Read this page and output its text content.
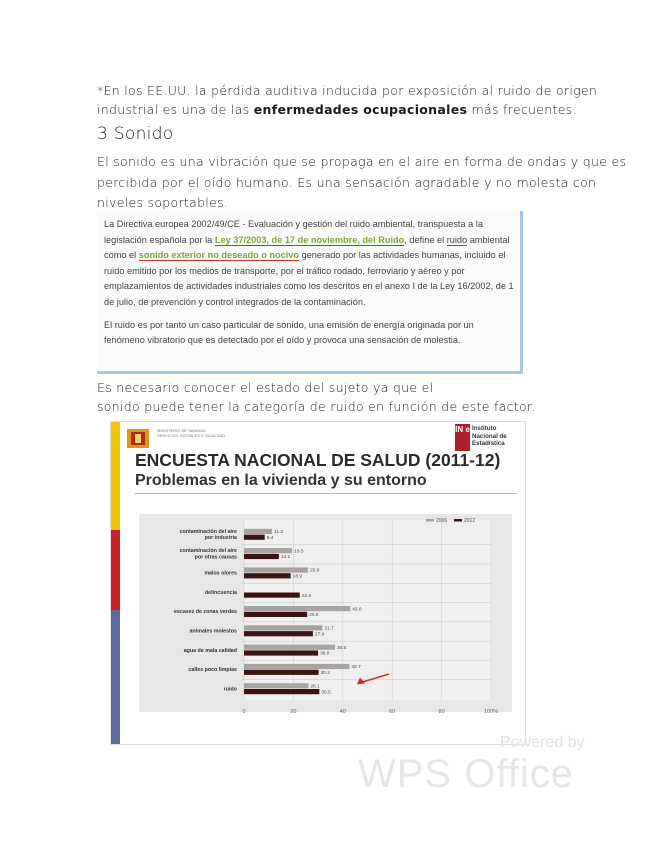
*En los EE.UU. la pérdida auditiva inducida por exposición al ruido de origen
industrial es una de las enfermedades ocupacionales más frecuentes.
3 Sonido
El sonido es una vibración que se propaga en el aire en forma de ondas y que es
percibida por el oído humano. Es una sensación agradable y no molesta con
niveles soportables.

La Directiva europea 2002/49/CE - Evaluación y gestión del ruido ambiental, transpuesta a la legislación española por la Ley 37/2003, de 17 de noviembre, del Ruido, define el ruido ambiental como el sonido exterior no deseado o nocivo generado por las actividades humanas, incluido el ruido emitido por los medios de transporte, por el tráfico rodado, ferroviario y aéreo y por emplazamientos de actividades industriales como los descritos en el anexo I de la Ley 16/2002, de 1 de julio, de prevención y control integrados de la contaminación.

El ruido es por tanto un caso particular de sonido, una emisión de energía originada por un fenómeno vibratorio que es detectado por el oído y provoca una sensación de molestia.

Es necesario conocer el estado del sujeto ya que el
sonido puede tener la categoría de ruido en función de este factor.
MINISTERIO DE SANIDAD, SERVICIOS SOCIALES E IGUALDAD
IN e Instituto Nacional de Estadística
ENCUESTA NACIONAL DE SALUD (2011-12)
Problemas en la vivienda y su entorno
0	20	40	60	80	100%
2006	2012
contaminación del aire
por industria
11.3
8.4
contaminación del aire
por otras causas
19.5
14.1
malos olores	25.9
18.9
delincuencia
22.6
escasez de zonas verdes	43.0
25.6
animales molestos	31.7
27.9
agua de mala calidad	36.8
30.0
calles poco limpias	42.7
30.2
ruido	26.1
30.5
Powered by
WPS Office
